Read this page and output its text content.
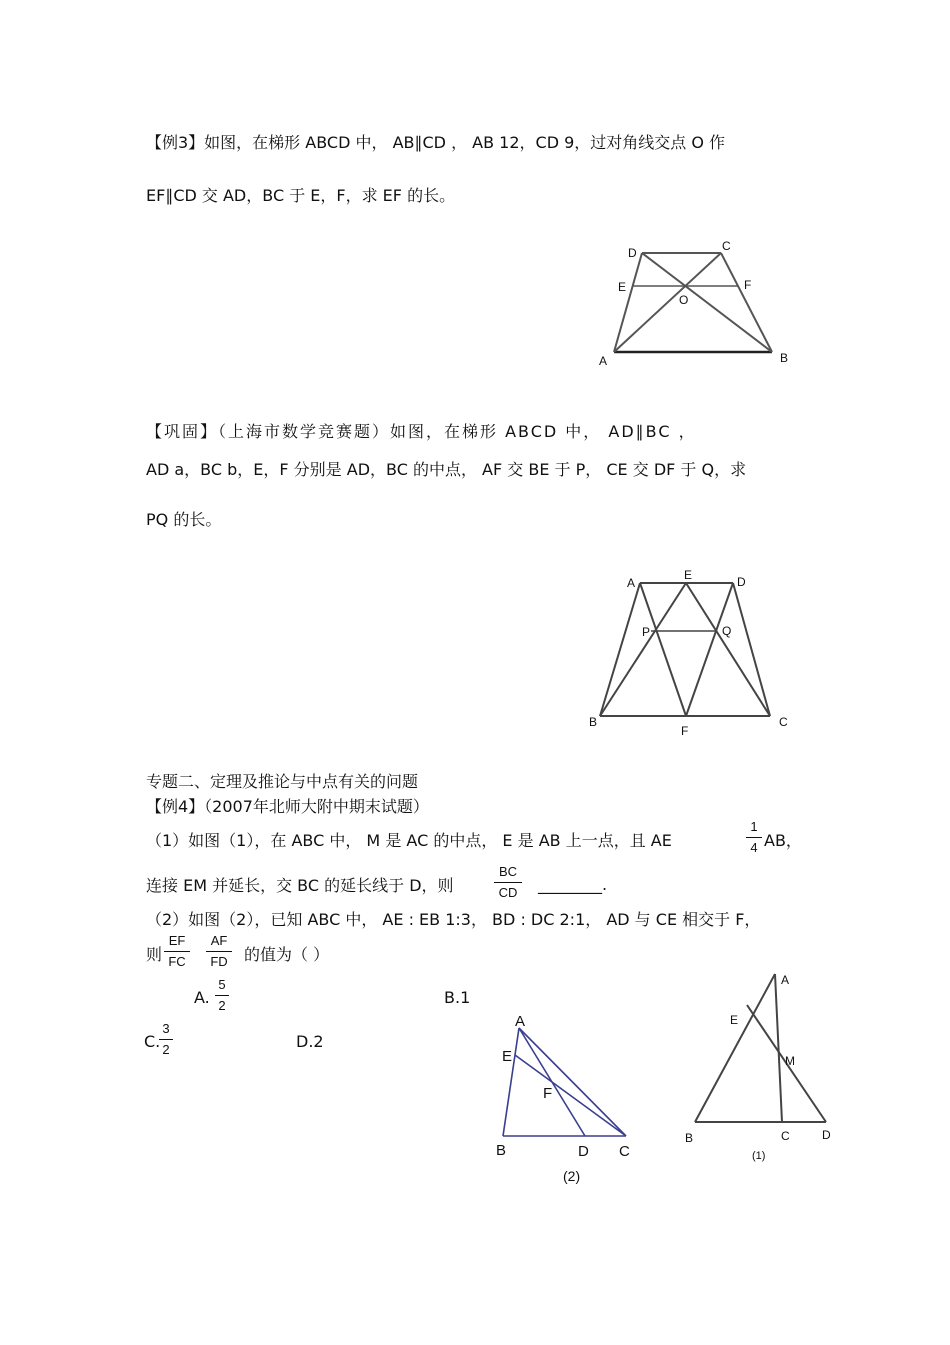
【例3】如图，在梯形 ABCD 中， AB∥CD ， AB 12，CD 9，过对角线交点 O 作
EF∥CD 交 AD，BC 于 E，F，求 EF 的长。
D	C
E	F
O
A	B
【巩固】（上海市数学竞赛题）如图，在梯形 ABCD 中， AD∥BC ，
AD a，BC b，E，F 分别是 AD，BC 的中点， AF 交 BE 于 P， CE 交 DF 于 Q，求
PQ 的长。
A
E	D
P	Q
B
F
C
专题二、定理及推论与中点有关的问题
【例4】（2007年北师大附中期末试题）
（1）如图（1），在 ABC 中， M 是 AC 的中点， E 是 AB 上一点，且 AE
1
4 AB，
连接 EM 并延长，交 BC 的延长线于 D，则
BC
CD ________.
（2）如图（2），已知 ABC 中， AE : EB 1:3， BD : DC 2:1， AD 与 CE 相交于 F，
则
EF
FC
AF
FD 的值为（ ）
A.
5
2	B.1
C.
3
2	D.2
A
E
F
B	D C
(2)
A
E
M
B	C	D
(1)
